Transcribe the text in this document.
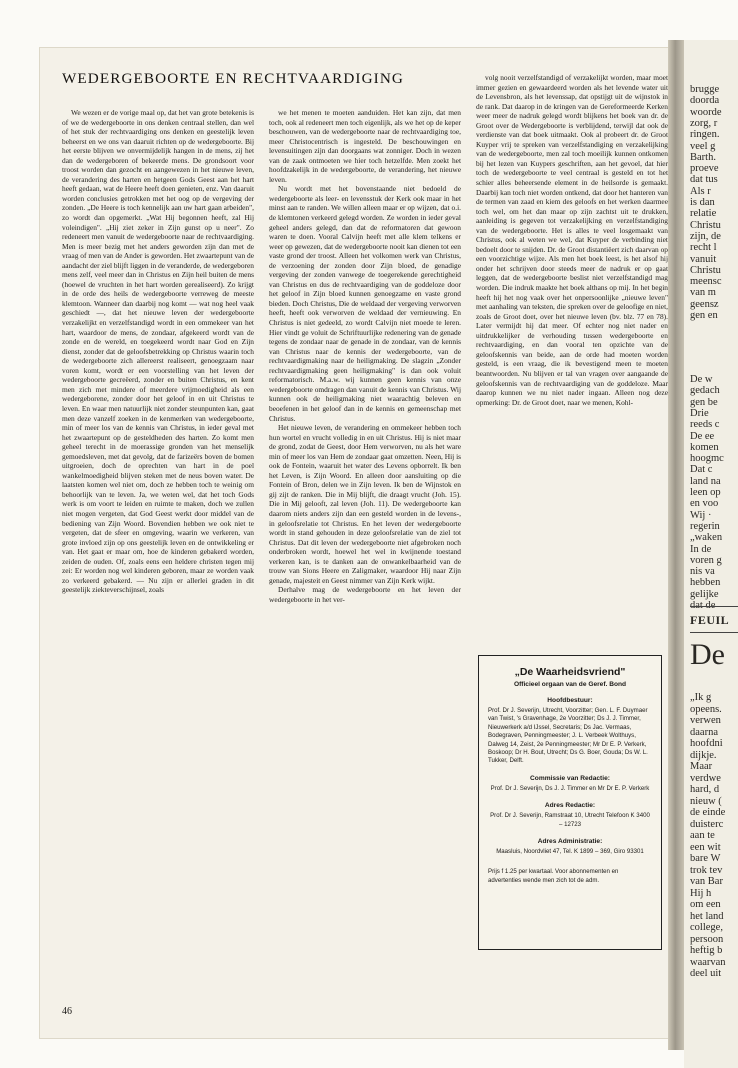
brugge
doorda
woorde
zorg, r
ringen.
veel g
Barth.
proeve
dat tus
Als r
is dan
relatie
Christu
zijn, de
recht l
vanuit
Christu
meensc
van m
geensz
gen en
De w
gedach
gen be
Drie
reeds c
De ee
komen
hoogmc
Dat c
land na
leen op
en voo
Wij ·
regerin
„waken
In de
voren g
nis va
hebben
gelijke
FEUIL
De
„Ik g
opeens.
verwen
daarna
hoofdni
dijkje.
Maar
verdwe
hard, d
nieuw (
de einde
duisterc
aan te
een wit
bare W
trok tev
van Bar
Hij h
om een
het land
college,
persoon
heftig b
waarvan
deel uit
WEDERGEBOORTE EN RECHTVAARDIGING

We wezen er de vorige maal op, dat het van grote betekenis is of we de wedergeboorte in ons denken centraal stellen, dan wel of het stuk der rechtvaardiging ons denken en geestelijk leven beheerst en we ons van daaruit richten op de wedergeboorte. Bij het eerste blijven we onvermijdelijk hangen in de mens, zij het dan de wedergeboren of bekeerde mens. De grondsoort voor troost worden dan gezocht en aangewezen in het nieuwe leven, de verandering des harten en hetgeen Gods Geest aan het hart heeft gedaan, wat de Heere heeft doen genieten, enz. Van daaruit worden conclusies getrokken met het oog op de vergeving der zonden. „De Heere is toch kennelijk aan uw hart gaan arbeiden", zo wordt dan opgemerkt. „Wat Hij begonnen heeft, zal Hij voleindigen". „Hij ziet zeker in Zijn gunst op u neer". Zo redeneert men vanuit de wedergeboorte naar de rechtvaardiging. Men is meer bezig met het anders geworden zijn dan met de vraag of men van de Ander is geworden. Het zwaartepunt van de aandacht der ziel blijft liggen in de veranderde, de wedergeboren mens zelf, veel meer dan in Christus en Zijn heil buiten de mens (hoewel de vruchten in het hart worden gerealiseerd). Zo krijgt in de orde des heils de wedergeboorte verreweg de meeste klemtoon. Wanneer dan daarbij nog komt — wat nog heel vaak geschiedt —, dat het nieuwe leven der wedergeboorte verzakelijkt en verzelfstandigd wordt in een ommekeer van het hart, waardoor de mens, de zondaar, afgekeerd wordt van de zonde en de wereld, en toegekeerd wordt naar God en Zijn dienst, zonder dat de geloofsbetrekking op Christus waarin toch de wedergeboorte zich allereerst realiseert, genoegzaam naar voren komt, wordt er een voorstelling van het leven der wedergeboorte gecreëerd, zonder en buiten Christus, en kent men zich met mindere of meerdere vrijmoedigheid als een wedergeborene, zonder door het geloof in en uit Christus te leven. En waar men natuurlijk niet zonder steunpunten kan, gaat men deze vanzelf zoeken in de kenmerken van wedergeboorte, min of meer los van de kennis van Christus, in ieder geval met het zwaartepunt op de gesteldheden des harten. Zo komt men geheel terecht in de moerassige gronden van het menselijk gemoedsleven, met dat gevolg, dat de farizeërs boven de bomen uitgroeien, doch de oprechten van hart in de poel wankelmoedigheid blijven steken met de neus boven water. De laatsten komen wel niet om, doch ze hebben toch te weinig om behoorlijk van te leven. Ja, we weten wel, dat het toch Gods werk is om voort te leiden en ruimte te maken, doch we zullen niet mogen vergeten, dat God Geest werkt door middel van de bediening van Zijn Woord. Bovendien hebben we ook niet te vergeten, dat de sfeer en omgeving, waarin we verkeren, van grote invloed zijn op ons geestelijk leven en de ontwikkeling er van. Het gaat er maar om, hoe de kinderen gebakerd worden, zeiden de ouden. Of, zoals eens een heldere christen tegen mij zei: Er worden nog wel kinderen geboren, maar ze worden vaak zo verkeerd gebakerd. — Nu zijn er allerlei graden in dit geestelijk ziekteverschijnsel, zoals

we het menen te moeten aanduiden. Het kan zijn, dat men toch, ook al redeneert men toch eigenlijk, als we het op de keper beschouwen, van de wedergeboorte naar de rechtvaardiging toe, meer Christocentrisch is ingesteld. De beschouwingen en levensuitingen zijn dan doorgaans wat zonniger. Doch in wezen van de zaak ontmoeten we hier toch hetzelfde. Men zoekt het hoofdzakelijk in de wedergeboorte, de verandering, het nieuwe leven.

Nu wordt met het bovenstaande niet bedoeld de wedergeboorte als leer- en levensstuk der Kerk ook maar in het minst aan te randen. We willen alleen maar er op wijzen, dat o.i. de klemtonen verkeerd gelegd worden. Ze worden in ieder geval geheel anders gelegd, dan dat de reformatoren dat gewoon waren te doen. Vooral Calvijn heeft met alle klem telkens er weer op gewezen, dat de wedergeboorte nooit kan dienen tot een vaste grond der troost. Alleen het volkomen werk van Christus, de verzoening der zonden door Zijn bloed, de genadige vergeving der zonden vanwege de toegerekende gerechtigheid van Christus en dus de rechtvaardiging van de goddeloze door het geloof in Zijn bloed kunnen genoegzame en vaste grond bieden. Doch Christus, Die de weldaad der vergeving verworven heeft, heeft ook verworven de weldaad der vernieuwing. En Christus is niet gedeeld, zo wordt Calvijn niet moede te leren. Hier vindt ge voluit de Schriftuurlijke redenering van de genade tegens de zondaar naar de genade in de zondaar, van de kennis van Christus naar de kennis der wedergeboorte, van de rechtvaardigmaking naar de heiligmaking. De slagzin „Zonder rechtvaardigmaking geen heiligmaking" is dan ook voluit reformatorisch. M.a.w. wij kunnen geen kennis van onze wedergeboorte omdragen dan vanuit de kennis van Christus. Wij kunnen ook de heiligmaking niet waarachtig beleven en beoefenen in het geloof dan in de kennis en gemeenschap met Christus.

Het nieuwe leven, de verandering en ommekeer hebben toch hun wortel en vrucht volledig in en uit Christus. Hij is niet maar de grond, zodat de Geest, door Hem verworven, nu als het ware min of meer los van Hem de zondaar gaat omzetten. Neen, Hij is ook de Fontein, waaruit het water des Levens opborrelt. Ik ben het Leven, is Zijn Woord. En alleen door aansluiting op die Fontein of Bron, delen we in Zijn leven. Ik ben de Wijnstok en gij zijt de ranken. Die in Mij blijft, die draagt vrucht (Joh. 15). Die in Mij gelooft, zal leven (Joh. 11). De wedergeboorte kan daarom niets anders zijn dan een gesteld worden in de levens-, in geloofsrelatie tot Christus. En het leven der wedergeboorte wordt in stand gehouden in deze geloofsrelatie van de ziel tot Christus. Dat dit leven der wedergeboorte niet afgebroken noch onderbroken wordt, hoewel het wel in kwijnende toestand verkeren kan, is te danken aan de onwankelbaarheid van de trouw van Sions Heere en Zaligmaker, waardoor Hij naar Zijn genade, majesteit en Geest nimmer van Zijn Kerk wijkt.

Derhalve mag de wedergeboorte en het leven der wedergeboorte in het ver-

volg nooit verzelfstandigd of verzakelijkt worden, maar moet immer gezien en gewaardeerd worden als het levende water uit de Levensbron, als het levenssap, dat opstijgt uit de wijnstok in de rank. Dat daarop in de kringen van de Gereformeerde Kerken weer meer de nadruk gelegd wordt blijkens het boek van dr. de Groot over de Wedergeboorte is verblijdend, terwijl dat ook de verdienste van dat boek uitmaakt. Ook al probeert dr. de Groot Kuyper vrij te spreken van verzelfstandiging en verzakelijking van de wedergeboorte, men zal toch moeilijk kunnen ontkomen bij het lezen van Kuypers geschriften, aan het gevoel, dat hier toch de wedergeboorte te veel centraal is gesteld en tot het schier alles beheersende element in de heilsorde is gemaakt. Daarbij kan toch niet worden ontkend, dat door het hanteren van de termen van zaad en kiem des geloofs en het werken daarmee toch wel, om het dan maar op zijn zachtst uit te drukken, aanleiding is gegeven tot verzakelijking en verzelfstandiging van de wedergeboorte. Het is alles te veel losgemaakt van Christus, ook al weten we wel, dat Kuyper de verbinding niet bedoelt door te snijden. Dr. de Groot distantiëert zich daarvan op een voorzichtige wijze. Als men het boek leest, is het alsof hij onder het schrijven door steeds meer de nadruk er op gaat leggen, dat de wedergeboorte beslist niet verzelfstandigd mag worden. Die indruk maakte het boek althans op mij. In het begin heeft hij het nog vaak over het onpersoonlijke „nieuwe leven" met aanhaling van teksten, die spreken over de geloofige en niet, zoals de Groot doet, over het nieuwe leven (bv. blz. 77 en 78). Later vermijdt hij dat meer. Of echter nog niet nader en uitdrukkelijker de verhouding tussen wedergeboorte en rechtvaardiging, en dan vooral ten opzichte van de geloofskennis van beide, aan de orde had moeten worden gesteld, is een vraag, die ik bevestigend meen te moeten beantwoorden. Nu blijven er tal van vragen over aangaande de geloofskennis van de rechtvaardiging van de goddeloze. Maar daarop kunnen we nu niet nader ingaan. Alleen nog deze opmerking: Dr. de Groot doet, naar we menen, Kohl-

„De Waarheidsvriend"
Officieel orgaan van de Geref. Bond
Hoofdbestuur:
Prof. Dr J. Severijn, Utrecht, Voorzitter; Gen. L. F. Duymaer van Twist, 's Gravenhage, 2e Voorzitter; Ds J. J. Timmer, Nieuwerkerk a/d IJssel, Secretaris; Ds Jac. Vermaas, Bodegraven, Penningmeester; J. L. Verbeek Wolthuys, Dalweg 14, Zeist, 2e Penningmeester; Mr Dr E. P. Verkerk, Boskoop; Dr H. Bout, Utrecht; Ds G. Boer, Gouda; Ds W. L. Tukker, Delft.
Commissie van Redactie:
Prof. Dr J. Severijn, Ds J. J. Timmer en Mr Dr E. P. Verkerk
Adres Redactie:
Prof. Dr J. Severijn, Ramstraat 10, Utrecht Telefoon K 3400 – 12723
Adres Administratie:
Maasluis, Noordvliet 47, Tel. K 1899 – 369, Giro 93301
Prijs f 1.25 per kwartaal. Voor abonnementen en advertenties wende men zich tot de adm.
46
